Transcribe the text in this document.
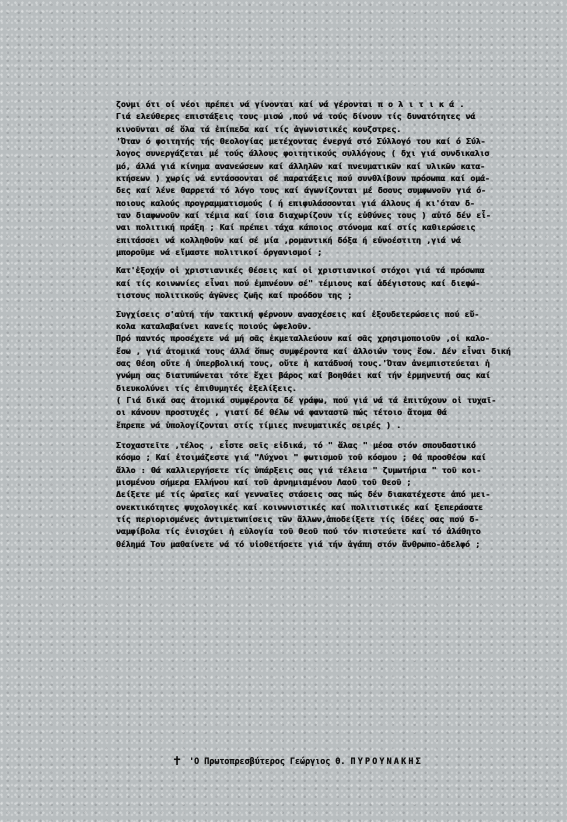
ζονμι ότι οί νέοι πρέπει νά γίνονται καί νά γέρονται π ο λ ι τ ι κ ά .
Γιά ελεύθερες επιστάξεις τους μισώ ,πού νά τούς δίνουν τίς δυνατότητες νά
κινοῦνται σέ ὅλα τά ἐπίπεδα καί τίς ἀγωνιστικές κουζστρες.
'Όταν ό φοιτητής τής Θεολογίας μετέχοντας ένεργά στό Σύλλογό του καί ό Σύλ-
λογος συνεργάζεται μέ τούς άλλους φοιτητικούς συλλόγους ( δχι γιά συνδικαλισ
μό, άλλά γιά κίνημα ανανεώσεων καί άλληλῶν καί πνευματικῶν καί υλικῶν κατα-
κτήσεων ) χωρίς νά εντάσσονται σέ παρατάξεις πού συνθλίβουν πρόσωπα καί ομά-
δες καί λένε θαρρετά τό λόγο τους καί άγωνίζονται μέ δσους συμφωνοῦν γιά ό-
ποιους καλούς προγραμματισμούς ( ή επιφυλάσσονται γιά άλλους ή κι'όταν δ-
ταν διαφωνοῦν καί τέμια καί ίσια διαχωρίζουν τίς εὐθύνες τους ) αὐτό δέν εἶ-
ναι πολιτική πράξη ; Καί πρέπει τάχα κάποιος στόνομα καί στίς καθιερώσεις
επιτάσσει νά κολληθοῦν καί σέ μία ,ρομαντική δόξα ή εὐνοέστιτη ,γιά νά
μποροῦμε νά εἴμαστε πολιτικοί όργανισμοί ;
Κατ'ἐξοχήν οἱ χριστιανικές θέσεις καί οἱ χριστιανικοί στόχοι γιά τά πρόσωπα
καί τίς κοινωνίες εἶναι πού ἐμπνέουν σέ" τέμιους καί ἀδέγιστους καί διεφώ-
τιστους πολιτικούς ἀγῶνες ζωῆς καί προόδου της ;
Συγχίσεις σ'αὐτή τήν τακτική φέρνουν ανασχέσεις καί ἐξουδετερώσεις πού εὔ-
κολα καταλαβαίνει κανείς ποιούς ὠφελοῦν.
Πρό παντός προσέχετε νά μή σᾶς ἐκμεταλλεύουν καί σᾶς χρησιμοποιοῦν ,οἱ καλο-
ἔσω , γιά ἀτομικά τους ἀλλά ὅπως συμφέροντα καί ἀλλοιών τους ἔσω. Δέν εἶναι δική
σας θέση οὔτε ἡ ὑπερβολική τους, οὔτε ἡ κατάδυσή τους.'Όταν ἀνεμπιστεύεται ἡ
γνώμη σας διατυπώνεται τότε ἔχει βάρος καί βοηθάει καί τήν ἐρμηνευτή σας καί
διευκολύνει τίς ἐπιθυμητές ἐξελίξεις.
( Γιά δικά σας ἀτομικά συμφέροντα δέ γράφω, πού γιά νά τά ἐπιτύχουν οἱ τυχαῖ-
οι κάνουν προστυχές , γιατί δέ θέλω νά φανταστῶ πώς τέτοιο ἄτομα θά
ἔπρεπε νά ὑπολογίζονται στίς τίμιες πνευματικές σειρές ) .
Στοχαστεῖτε ,τέλος , εἶστε σεῖς εἰδικά, τό " ἅλας " μέσα στόν σπουδαστικό
κόσμο ; Καί ἐτοιμάζεστε γιά "Λύχνοι " φωτισμοῦ τοῦ κόσμου ; Θά προσθέσω καί
ἄλλο : Θά καλλιεργήσετε τίς ὑπάρξεις σας γιά τέλεια " ζυμωτήρια " τοῦ κοι-
μισμένου σήμερα Ελλήνου καί τοῦ ἀρνημιαμένου Λαοῦ τοῦ Θεοῦ ;
Δείξετε μέ τίς ὡραῖες καί γενναῖες στάσεις σας πώς δέν διακατέχεστε ἀπό μει-
ονεκτικότητες ψυχολογικές καί κοινωνιστικές καί πολιτιστικές καί ξεπεράσατε
τίς περιορισμένες ἀντιμετωπίσεις τῶν ἄλλων,ἀποδείξετε τίς ἰδέες σας πού δ-
ναμφίβολα τίς ἐνισχύει ἡ εὐλογία τοῦ Θεοῦ πού τόν πιστεύετε καί τό ἀλάθητο
θέλημά Του μαθαίνετε νά τό υἱοθετήσετε γιά τήν ἀγάπη στόν ἄνθρωπο-ἀδελφό ;
✝ 'Ο Πρωτοπρεσβύτερος Γεώργιος Θ. ΠΥΡΟΥΝΑΚΗΣ
